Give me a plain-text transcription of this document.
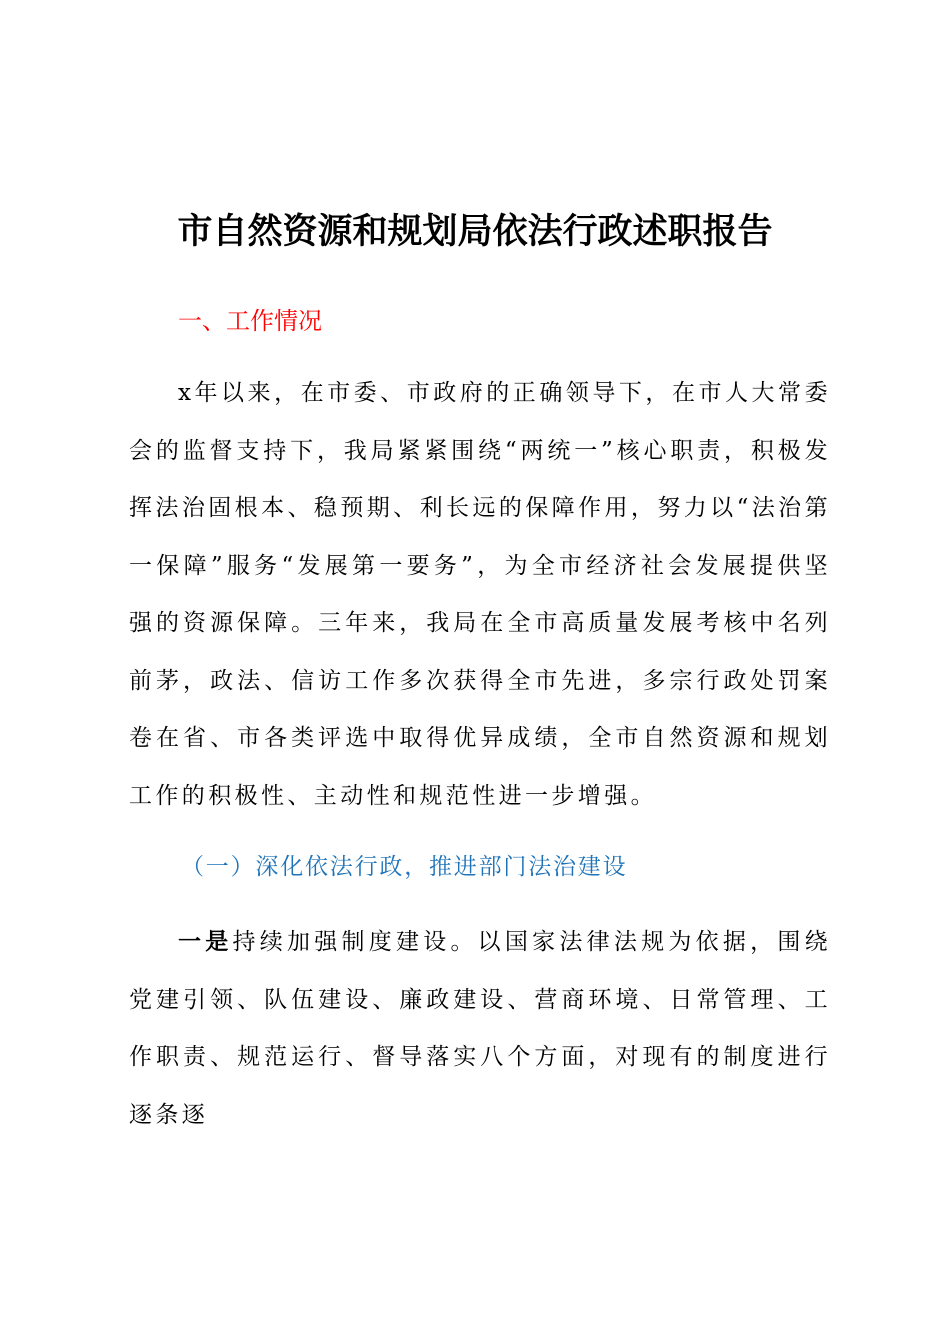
市自然资源和规划局依法行政述职报告
一、工作情况

x年以来，在市委、市政府的正确领导下，在市人大常委会的监督支持下，我局紧紧围绕“两统一”核心职责，积极发挥法治固根本、稳预期、利长远的保障作用，努力以“法治第一保障”服务“发展第一要务”，为全市经济社会发展提供坚强的资源保障。三年来，我局在全市高质量发展考核中名列前茅，政法、信访工作多次获得全市先进，多宗行政处罚案卷在省、市各类评选中取得优异成绩，全市自然资源和规划工作的积极性、主动性和规范性进一步增强。

（一）深化依法行政，推进部门法治建设

一是持续加强制度建设。以国家法律法规为依据，围绕党建引领、队伍建设、廉政建设、营商环境、日常管理、工作职责、规范运行、督导落实八个方面，对现有的制度进行逐条逐
